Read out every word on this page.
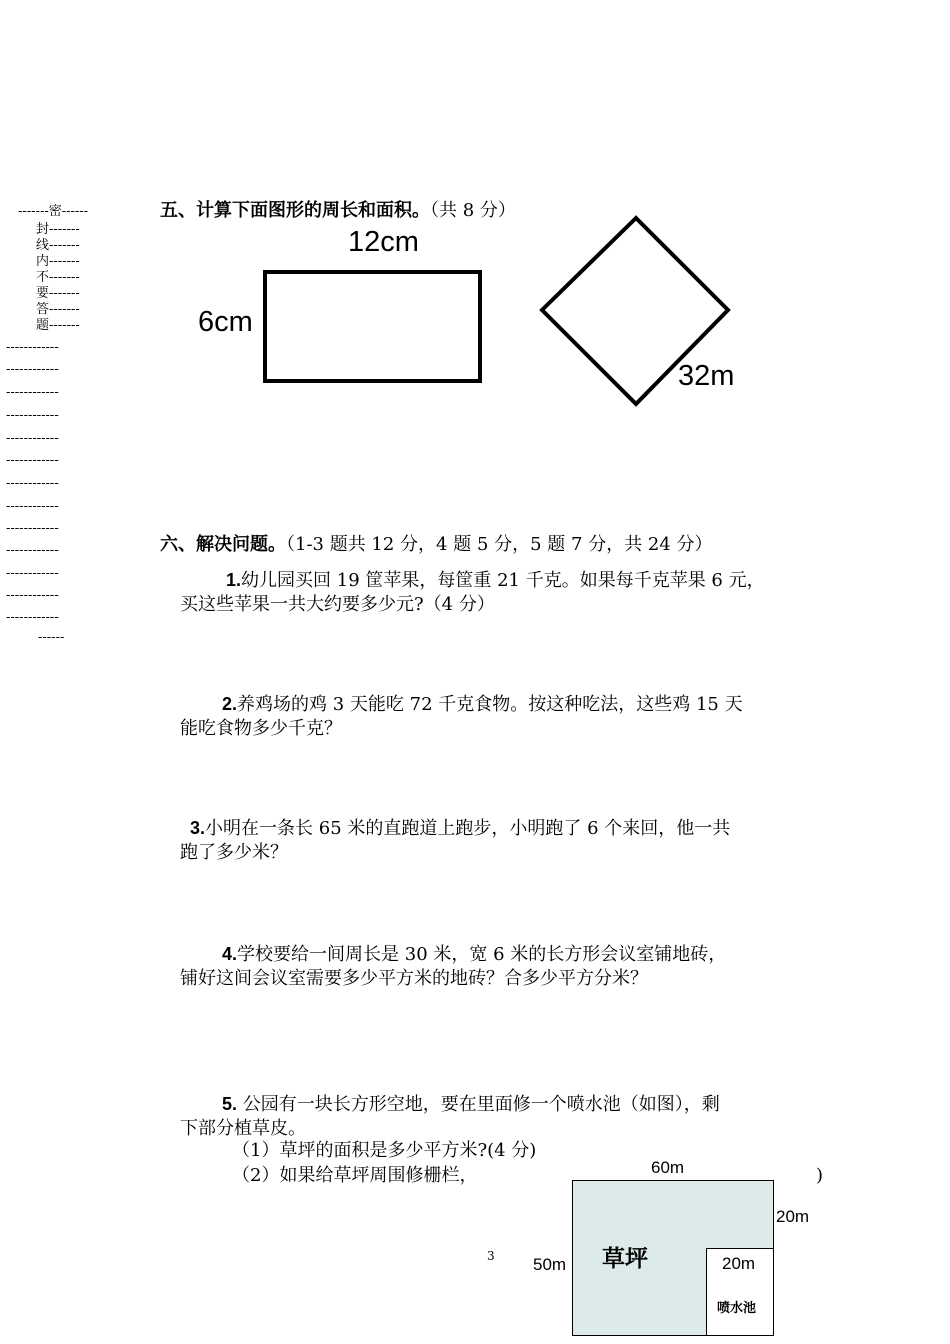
-------密------
封-------
线-------
内-------
不-------
要-------
答-------
题-------
------------
------------
------------
------------
------------
------------
------------
------------
------------
------------
------------
------------
------------
------
五、计算下面图形的周长和面积。（共 8 分）
12cm
6cm
32m
六、解决问题。（1-3 题共 12 分，4 题 5 分，5 题 7 分，共 24 分）
1.幼儿园买回 19 筐苹果，每筐重 21 千克。如果每千克苹果 6 元，
买这些苹果一共大约要多少元?（4 分）
2.养鸡场的鸡 3 天能吃 72 千克食物。按这种吃法，这些鸡 15 天
能吃食物多少千克？
3.小明在一条长 65 米的直跑道上跑步，小明跑了 6 个来回，他一共
跑了多少米？
4.学校要给一间周长是 30 米，宽 6 米的长方形会议室铺地砖，
铺好这间会议室需要多少平方米的地砖？合多少平方分米？
5. 公园有一块长方形空地，要在里面修一个喷水池（如图），剩
下部分植草皮。
（1）草坪的面积是多少平方米?(4 分)
（2）如果给草坪周围修栅栏，	)
60m
50m
20m
20m
草坪
喷水池
3
